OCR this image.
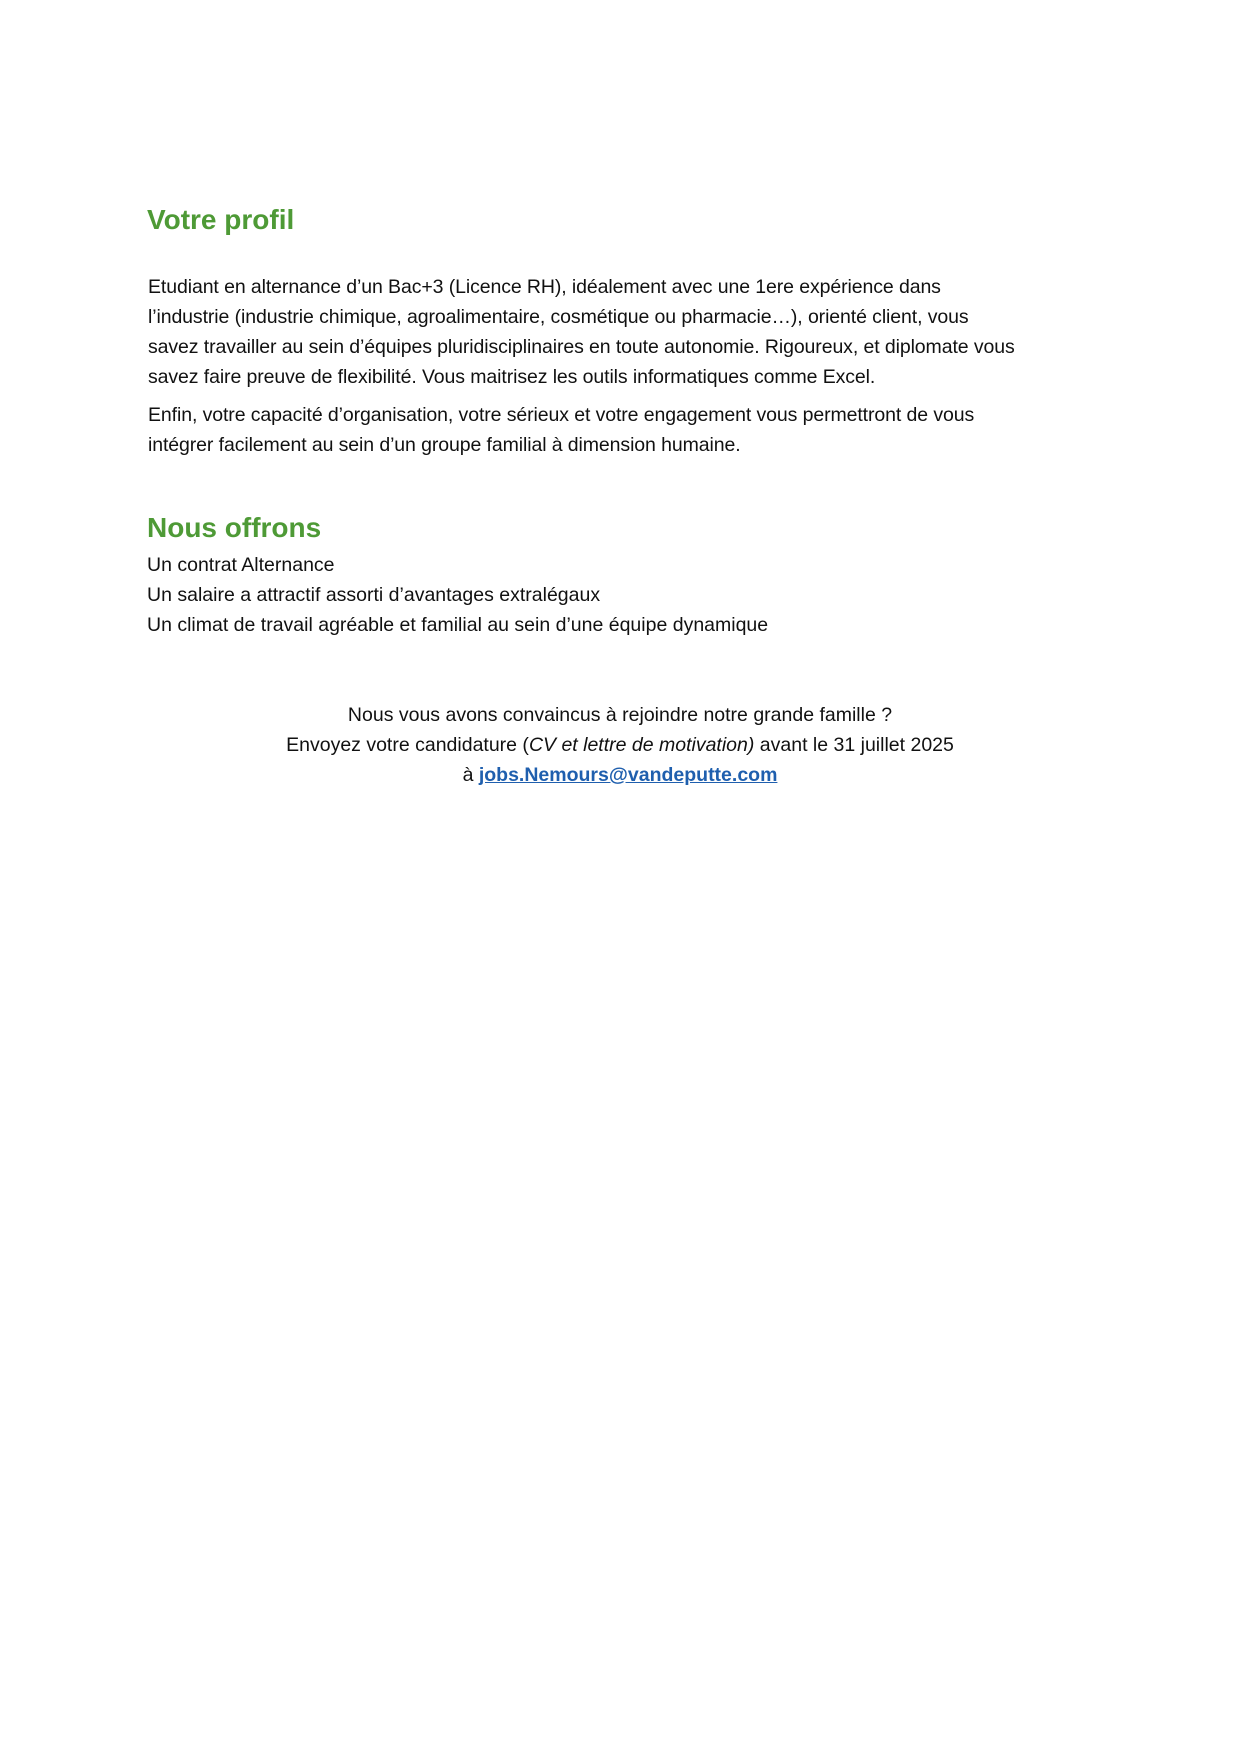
Votre profil

Etudiant en alternance d’un Bac+3 (Licence RH), idéalement avec une 1ere expérience dans
l’industrie (industrie chimique, agroalimentaire, cosmétique ou pharmacie…), orienté client, vous
savez travailler au sein d’équipes pluridisciplinaires en toute autonomie. Rigoureux, et diplomate vous
savez faire preuve de flexibilité. Vous maitrisez les outils informatiques comme Excel.

Enfin, votre capacité d’organisation, votre sérieux et votre engagement vous permettront de vous
intégrer facilement au sein d’un groupe familial à dimension humaine.

Nous offrons
Un contrat Alternance
Un salaire a attractif assorti d’avantages extralégaux
Un climat de travail agréable et familial au sein d’une équipe dynamique
Nous vous avons convaincus à rejoindre notre grande famille ?
Envoyez votre candidature (CV et lettre de motivation) avant le 31 juillet 2025
à jobs.Nemours@vandeputte.com
